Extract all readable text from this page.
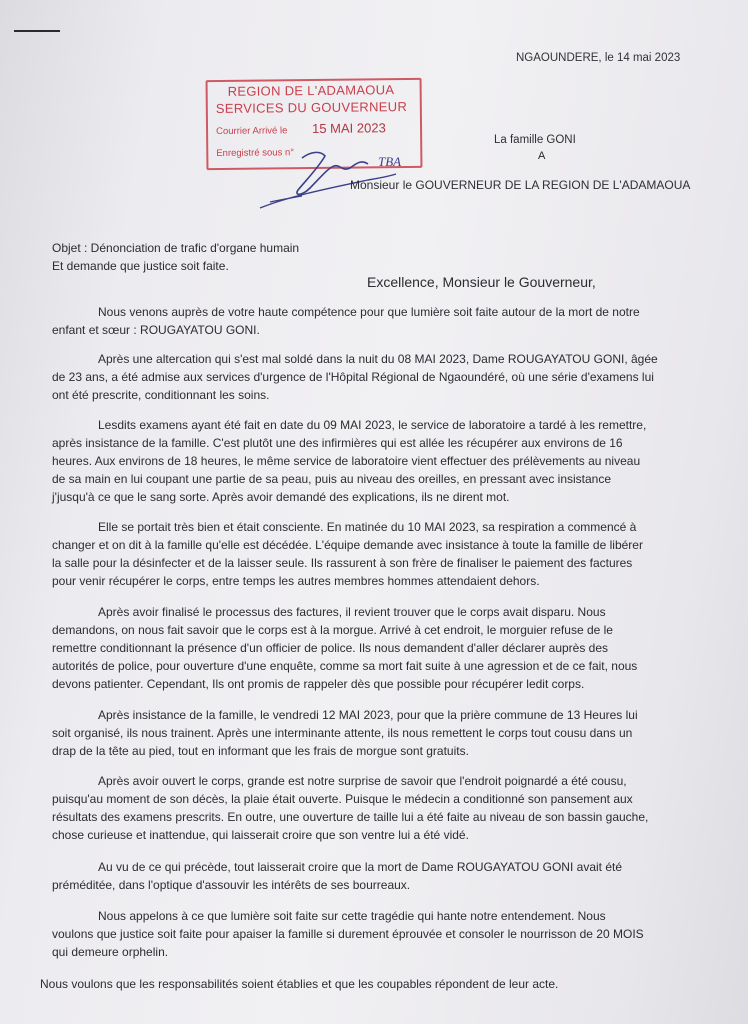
NGAOUNDERE, le 14 mai 2023
REGION DE L'ADAMAOUA
SERVICES DU GOUVERNEUR
Courrier Arrivé le 15 MAI 2023
Enregistré sous n°
TBA
La famille GONI
A
Monsieur le GOUVERNEUR DE LA REGION DE L'ADAMAOUA
Objet : Dénonciation de trafic d'organe humain
Et demande que justice soit faite.
Excellence, Monsieur le Gouverneur,
Nous venons auprès de votre haute compétence pour que lumière soit faite autour de la mort de notre
enfant et sœur : ROUGAYATOU GONI.
Après une altercation qui s'est mal soldé dans la nuit du 08 MAI 2023, Dame ROUGAYATOU GONI, âgée
de 23 ans, a été admise aux services d'urgence de l'Hôpital Régional de Ngaoundéré, où une série d'examens lui
ont été prescrite, conditionnant les soins.
Lesdits examens ayant été fait en date du 09 MAI 2023, le service de laboratoire a tardé à les remettre,
après insistance de la famille. C'est plutôt une des infirmières qui est allée les récupérer aux environs de 16
heures. Aux environs de 18 heures, le même service de laboratoire vient effectuer des prélèvements au niveau
de sa main en lui coupant une partie de sa peau, puis au niveau des oreilles, en pressant avec insistance
j'jusqu'à ce que le sang sorte. Après avoir demandé des explications, ils ne dirent mot.
Elle se portait très bien et était consciente. En matinée du 10 MAI 2023, sa respiration a commencé à
changer et on dit à la famille qu'elle est décédée. L'équipe demande avec insistance à toute la famille de libérer
la salle pour la désinfecter et de la laisser seule. Ils rassurent à son frère de finaliser le paiement des factures
pour venir récupérer le corps, entre temps les autres membres hommes attendaient dehors.
Après avoir finalisé le processus des factures, il revient trouver que le corps avait disparu. Nous
demandons, on nous fait savoir que le corps est à la morgue. Arrivé à cet endroit, le morguier refuse de le
remettre conditionnant la présence d'un officier de police. Ils nous demandent d'aller déclarer auprès des
autorités de police, pour ouverture d'une enquête, comme sa mort fait suite à une agression et de ce fait, nous
devons patienter. Cependant, Ils ont promis de rappeler dès que possible pour récupérer ledit corps.
Après insistance de la famille, le vendredi 12 MAI 2023, pour que la prière commune de 13 Heures lui
soit organisé, ils nous trainent. Après une interminante attente, ils nous remettent le corps tout cousu dans un
drap de la tête au pied, tout en informant que les frais de morgue sont gratuits.
Après avoir ouvert le corps, grande est notre surprise de savoir que l'endroit poignardé a été cousu,
puisqu'au moment de son décès, la plaie était ouverte. Puisque le médecin a conditionné son pansement aux
résultats des examens prescrits. En outre, une ouverture de taille lui a été faite au niveau de son bassin gauche,
chose curieuse et inattendue, qui laisserait croire que son ventre lui a été vidé.
Au vu de ce qui précède, tout laisserait croire que la mort de Dame ROUGAYATOU GONI avait été
préméditée, dans l'optique d'assouvir les intérêts de ses bourreaux.
Nous appelons à ce que lumière soit faite sur cette tragédie qui hante notre entendement. Nous
voulons que justice soit faite pour apaiser la famille si durement éprouvée et consoler le nourrisson de 20 MOIS
qui demeure orphelin.
Nous voulons que les responsabilités soient établies et que les coupables répondent de leur acte.
